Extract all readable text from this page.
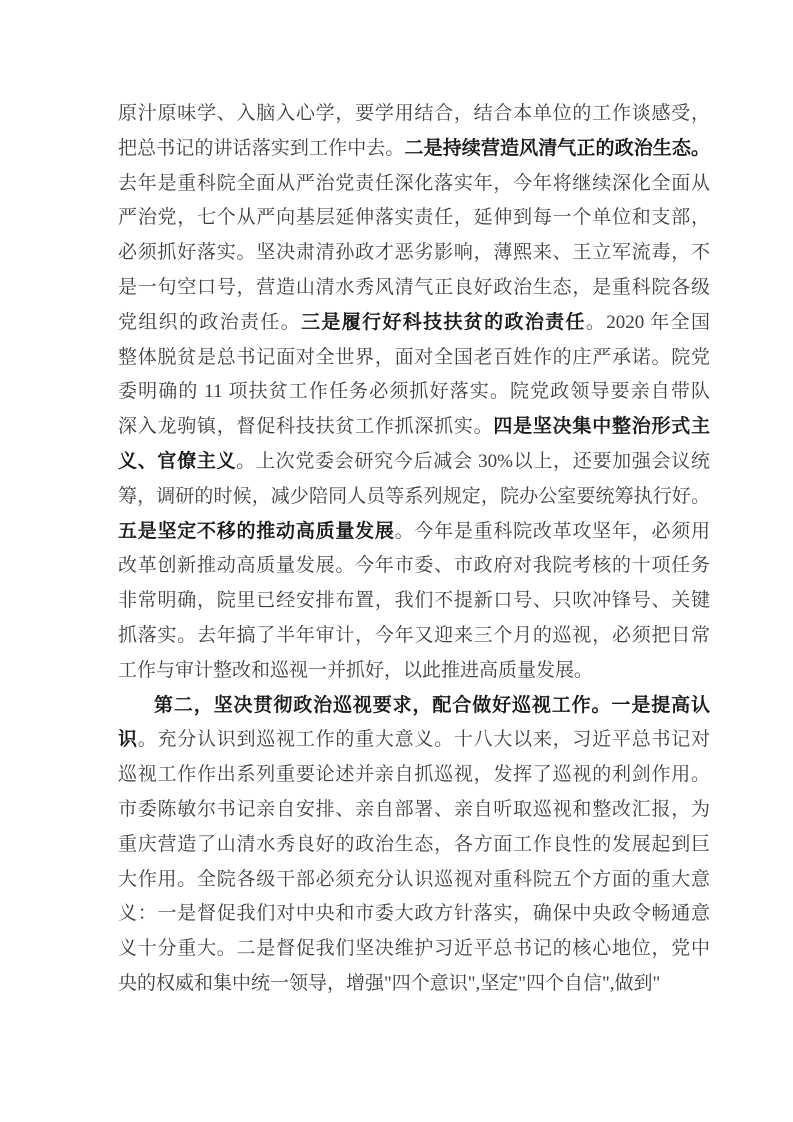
原汁原味学、入脑入心学，要学用结合，结合本单位的工作谈感受，
把总书记的讲话落实到工作中去。二是持续营造风清气正的政治生态。
去年是重科院全面从严治党责任深化落实年，今年将继续深化全面从
严治党，七个从严向基层延伸落实责任，延伸到每一个单位和支部，
必须抓好落实。坚决肃清孙政才恶劣影响，薄熙来、王立军流毒，不
是一句空口号，营造山清水秀风清气正良好政治生态，是重科院各级
党组织的政治责任。三是履行好科技扶贫的政治责任。2020 年全国
整体脱贫是总书记面对全世界，面对全国老百姓作的庄严承诺。院党
委明确的 11 项扶贫工作任务必须抓好落实。院党政领导要亲自带队
深入龙驹镇，督促科技扶贫工作抓深抓实。四是坚决集中整治形式主
义、官僚主义。上次党委会研究今后减会 30%以上，还要加强会议统
筹，调研的时候，减少陪同人员等系列规定，院办公室要统筹执行好。
五是坚定不移的推动高质量发展。今年是重科院改革攻坚年，必须用
改革创新推动高质量发展。今年市委、市政府对我院考核的十项任务
非常明确，院里已经安排布置，我们不提新口号、只吹冲锋号、关键
抓落实。去年搞了半年审计，今年又迎来三个月的巡视，必须把日常
工作与审计整改和巡视一并抓好，以此推进高质量发展。
第二，坚决贯彻政治巡视要求，配合做好巡视工作。一是提高认
识。充分认识到巡视工作的重大意义。十八大以来，习近平总书记对
巡视工作作出系列重要论述并亲自抓巡视，发挥了巡视的利剑作用。
市委陈敏尔书记亲自安排、亲自部署、亲自听取巡视和整改汇报，为
重庆营造了山清水秀良好的政治生态，各方面工作良性的发展起到巨
大作用。全院各级干部必须充分认识巡视对重科院五个方面的重大意
义：一是督促我们对中央和市委大政方针落实，确保中央政令畅通意
义十分重大。二是督促我们坚决维护习近平总书记的核心地位，党中
央的权威和集中统一领导，增强"四个意识",坚定"四个自信",做到"
